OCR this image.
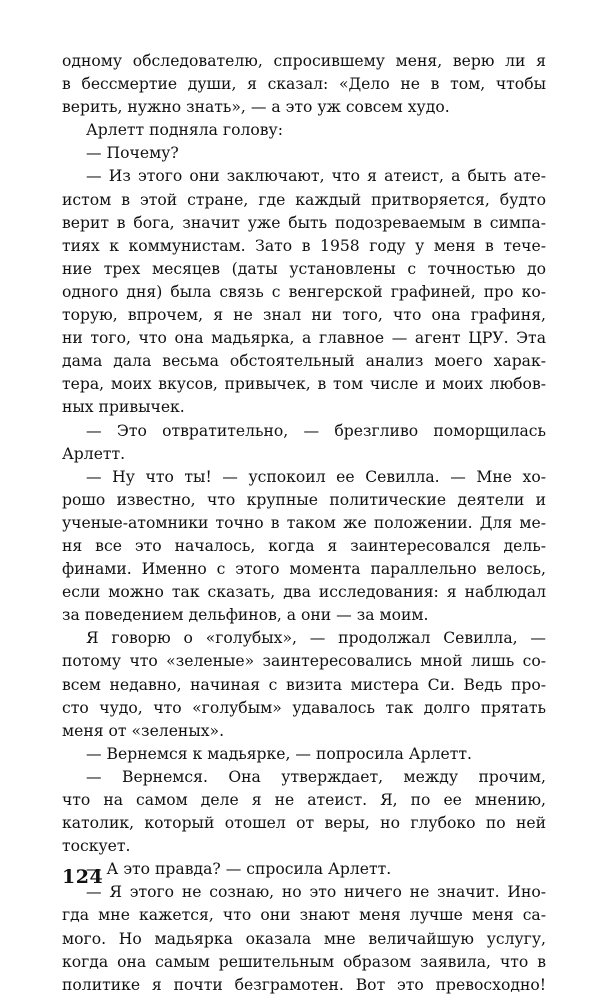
одному обследователю, спросившему меня, верю ли я
в бессмертие души, я сказал: «Дело не в том, чтобы
верить, нужно знать», — а это уж совсем худо.
Арлетт подняла голову:
— Почему?
— Из этого они заключают, что я атеист, а быть ате-
истом в этой стране, где каждый притворяется, будто
верит в бога, значит уже быть подозреваемым в симпа-
тиях к коммунистам. Зато в 1958 году у меня в тече-
ние трех месяцев (даты установлены с точностью до
одного дня) была связь с венгерской графиней, про ко-
торую, впрочем, я не знал ни того, что она графиня,
ни того, что она мадьярка, а главное — агент ЦРУ. Эта
дама дала весьма обстоятельный анализ моего харак-
тера, моих вкусов, привычек, в том числе и моих любов-
ных привычек.
— Это отвратительно, — брезгливо поморщилась
Арлетт.
— Ну что ты! — успокоил ее Севилла. — Мне хо-
рошо известно, что крупные политические деятели и
ученые-атомники точно в таком же положении. Для ме-
ня все это началось, когда я заинтересовался дель-
финами. Именно с этого момента параллельно велось,
если можно так сказать, два исследования: я наблюдал
за поведением дельфинов, а они — за моим.
Я говорю о «голубых», — продолжал Севилла, —
потому что «зеленые» заинтересовались мной лишь со-
всем недавно, начиная с визита мистера Си. Ведь про-
сто чудо, что «голубым» удавалось так долго прятать
меня от «зеленых».
— Вернемся к мадьярке, — попросила Арлетт.
— Вернемся. Она утверждает, между прочим,
что на самом деле я не атеист. Я, по ее мнению,
католик, который отошел от веры, но глубоко по ней
тоскует.
— А это правда? — спросила Арлетт.
— Я этого не сознаю, но это ничего не значит. Ино-
гда мне кажется, что они знают меня лучше меня са-
мого. Но мадьярка оказала мне величайшую услугу,
когда она самым решительным образом заявила, что в
политике я почти безграмотен. Вот это превосходно!
124
